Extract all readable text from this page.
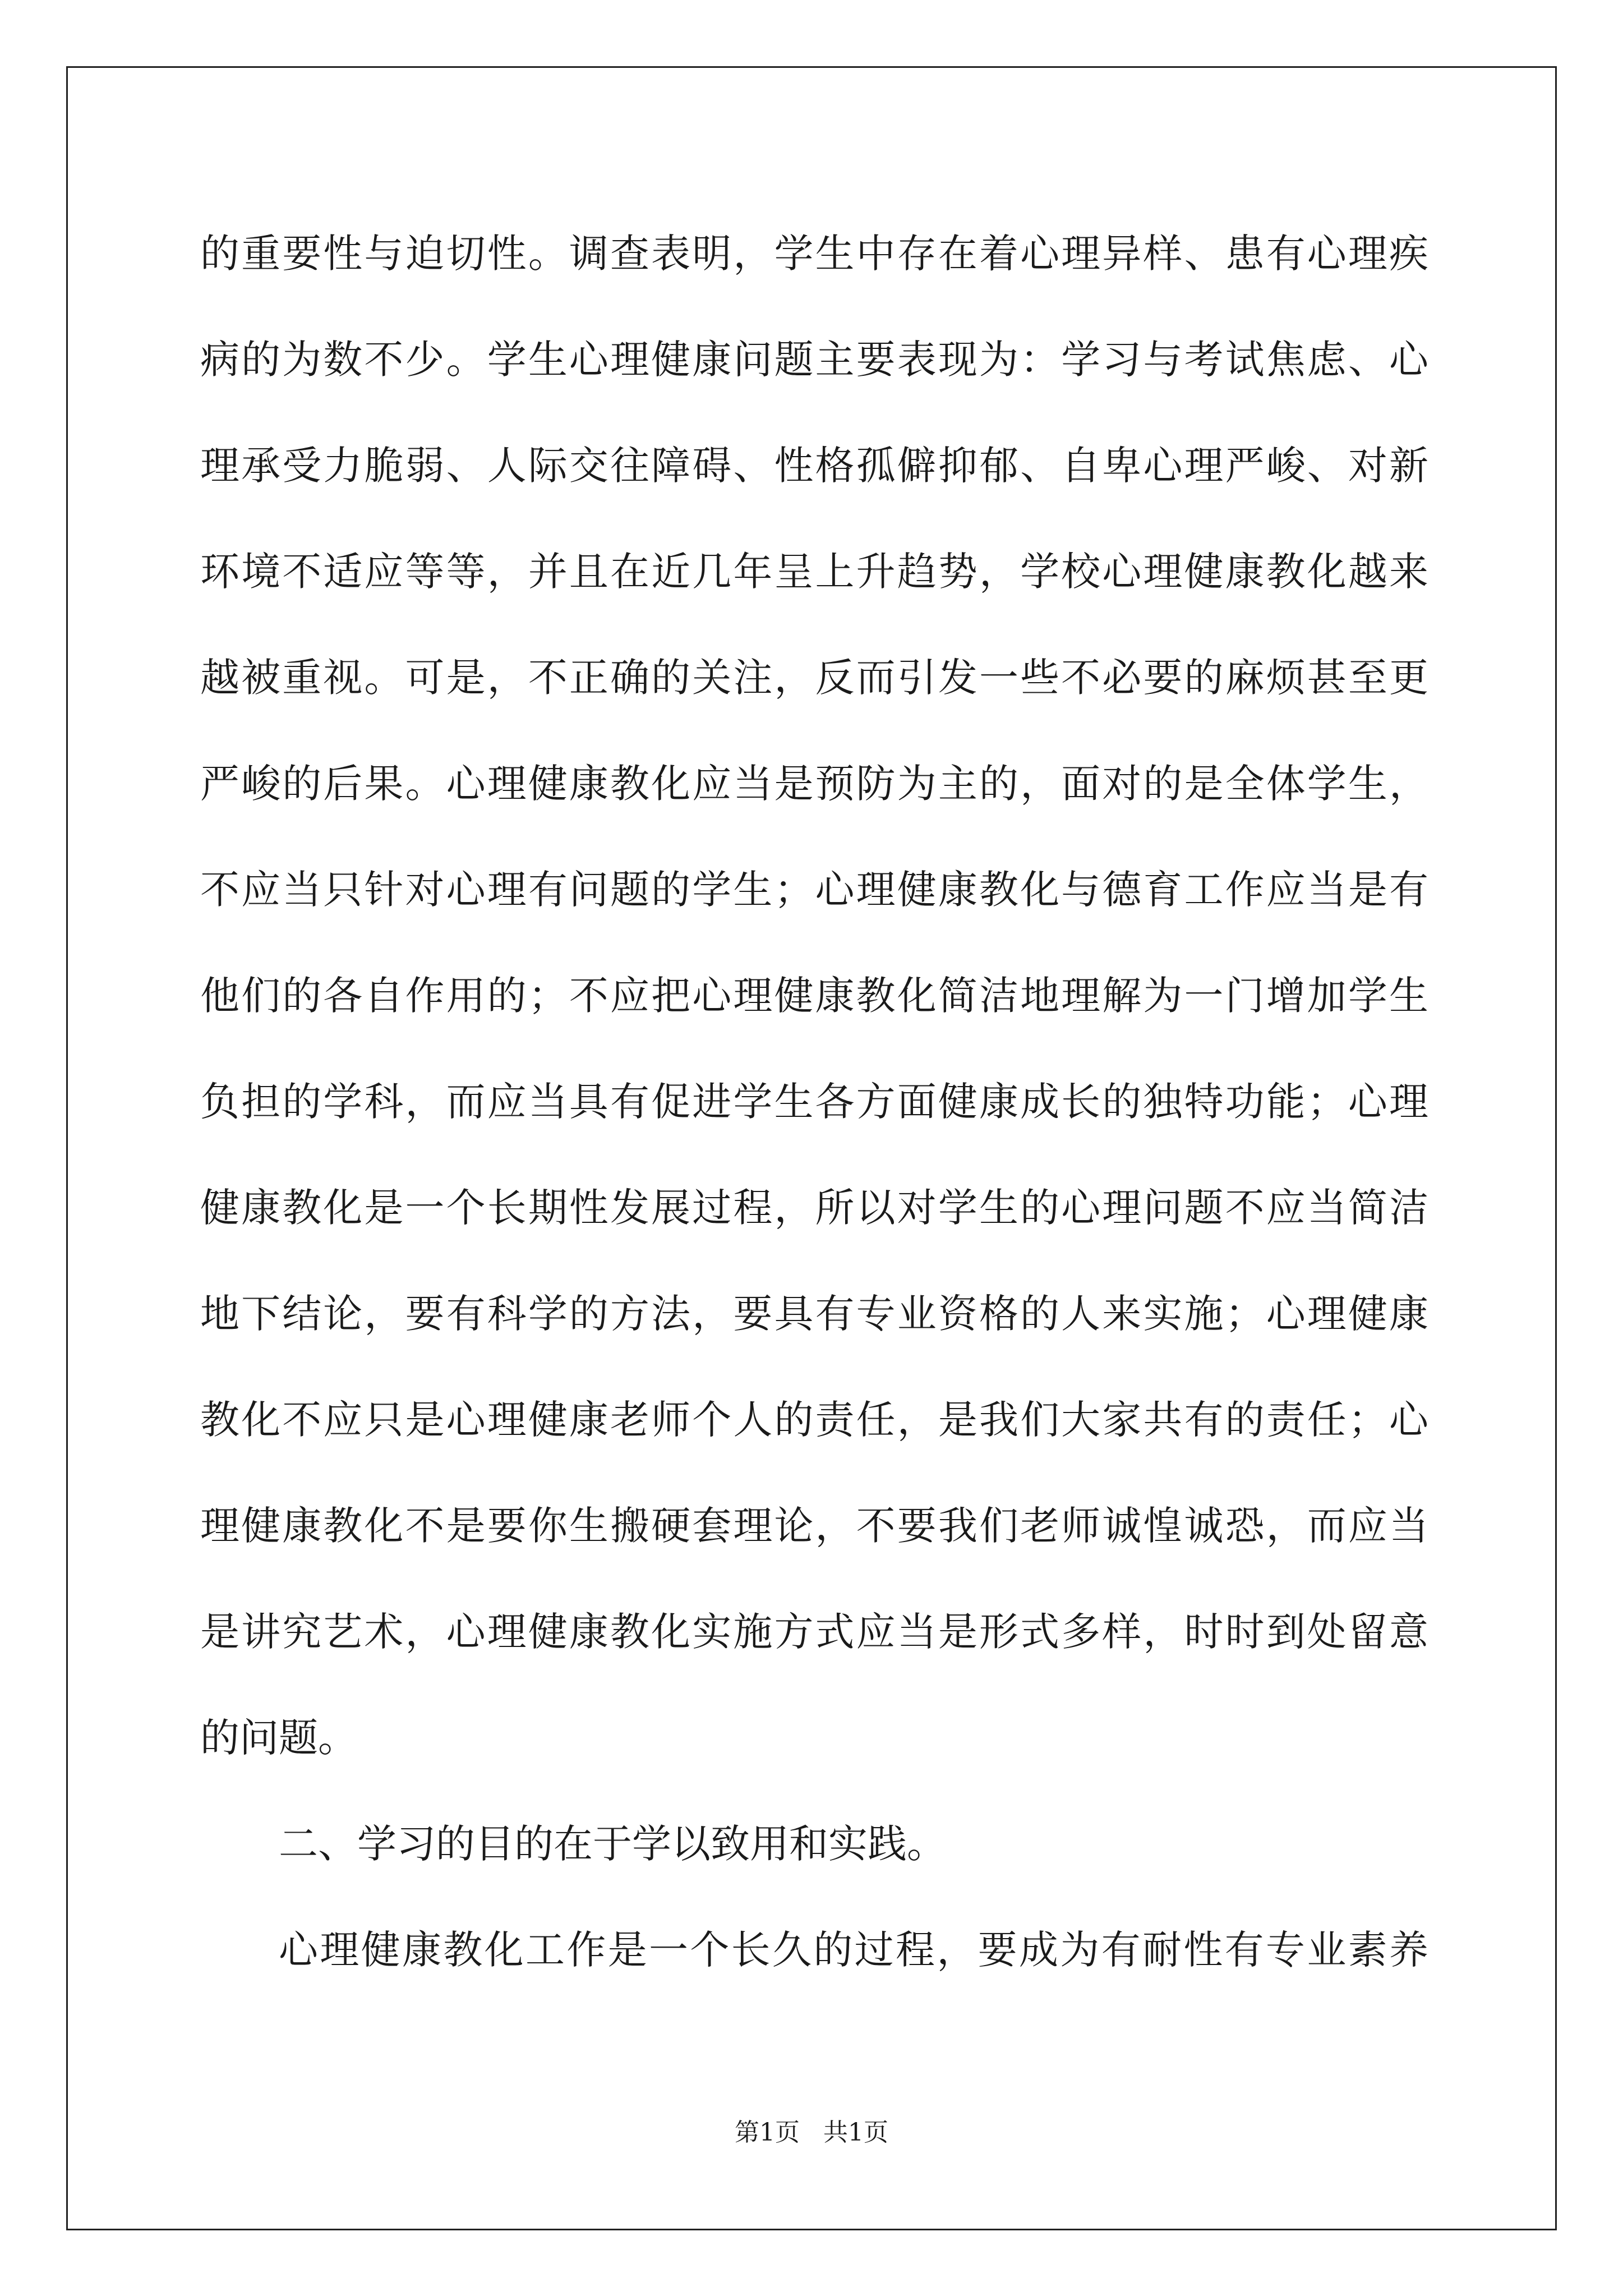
的重要性与迫切性。调查表明，学生中存在着心理异样、患有心理疾
病的为数不少。学生心理健康问题主要表现为：学习与考试焦虑、心
理承受力脆弱、人际交往障碍、性格孤僻抑郁、自卑心理严峻、对新
环境不适应等等，并且在近几年呈上升趋势，学校心理健康教化越来
越被重视。可是，不正确的关注，反而引发一些不必要的麻烦甚至更
严峻的后果。心理健康教化应当是预防为主的，面对的是全体学生，
不应当只针对心理有问题的学生；心理健康教化与德育工作应当是有
他们的各自作用的；不应把心理健康教化简洁地理解为一门增加学生
负担的学科，而应当具有促进学生各方面健康成长的独特功能；心理
健康教化是一个长期性发展过程，所以对学生的心理问题不应当简洁
地下结论，要有科学的方法，要具有专业资格的人来实施；心理健康
教化不应只是心理健康老师个人的责任，是我们大家共有的责任；心
理健康教化不是要你生搬硬套理论，不要我们老师诚惶诚恐，而应当
是讲究艺术，心理健康教化实施方式应当是形式多样，时时到处留意
的问题。
二、学习的目的在于学以致用和实践。
心理健康教化工作是一个长久的过程，要成为有耐性有专业素养
第1页   共1页
